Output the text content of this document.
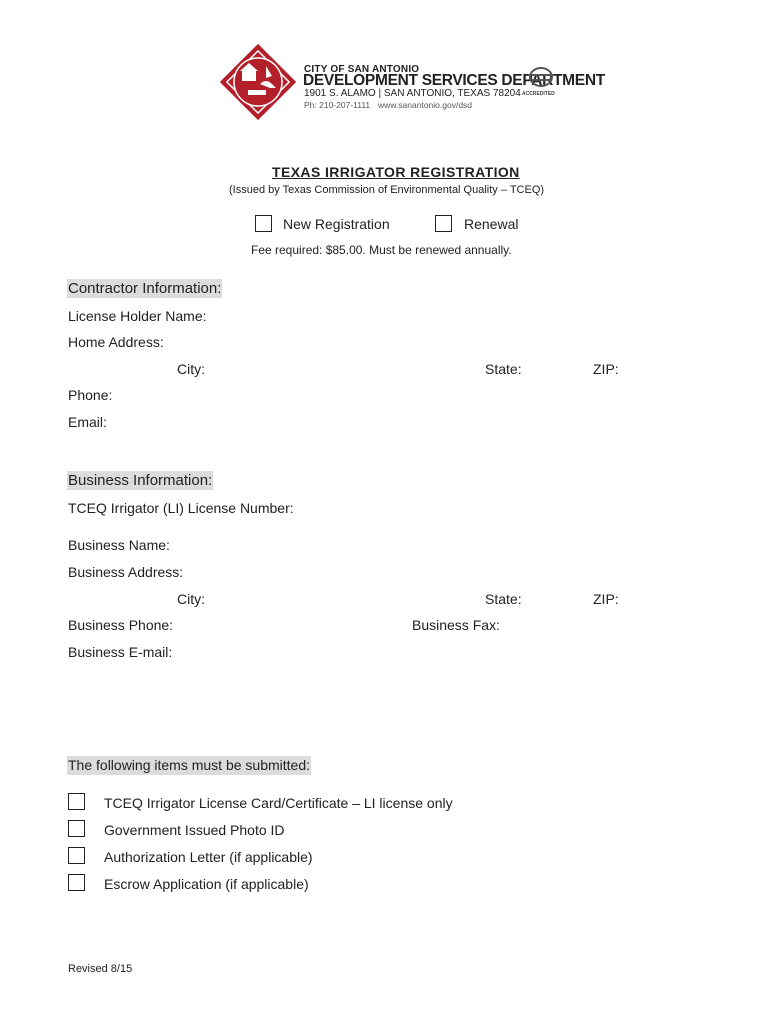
CITY OF SAN ANTONIO
DEVELOPMENT SERVICES DEPARTMENT
1901 S. ALAMO | SAN ANTONIO, TEXAS 78204
Ph: 210-207-1111 www.sanantonio.gov/dsd
ACCREDITED
TEXAS IRRIGATOR REGISTRATION
(Issued by Texas Commission of Environmental Quality – TCEQ)
New Registration	Renewal
Fee required: $85.00. Must be renewed annually.
Contractor Information:
License Holder Name:
Home Address:
City:	State:	ZIP:
Phone:
Email:
Business Information:
TCEQ Irrigator (LI) License Number:
Business Name:
Business Address:
City:	State:	ZIP:
Business Phone:	Business Fax:
Business E-mail:
The following items must be submitted:
TCEQ Irrigator License Card/Certificate – LI license only
Government Issued Photo ID
Authorization Letter (if applicable)
Escrow Application (if applicable)
Revised 8/15
